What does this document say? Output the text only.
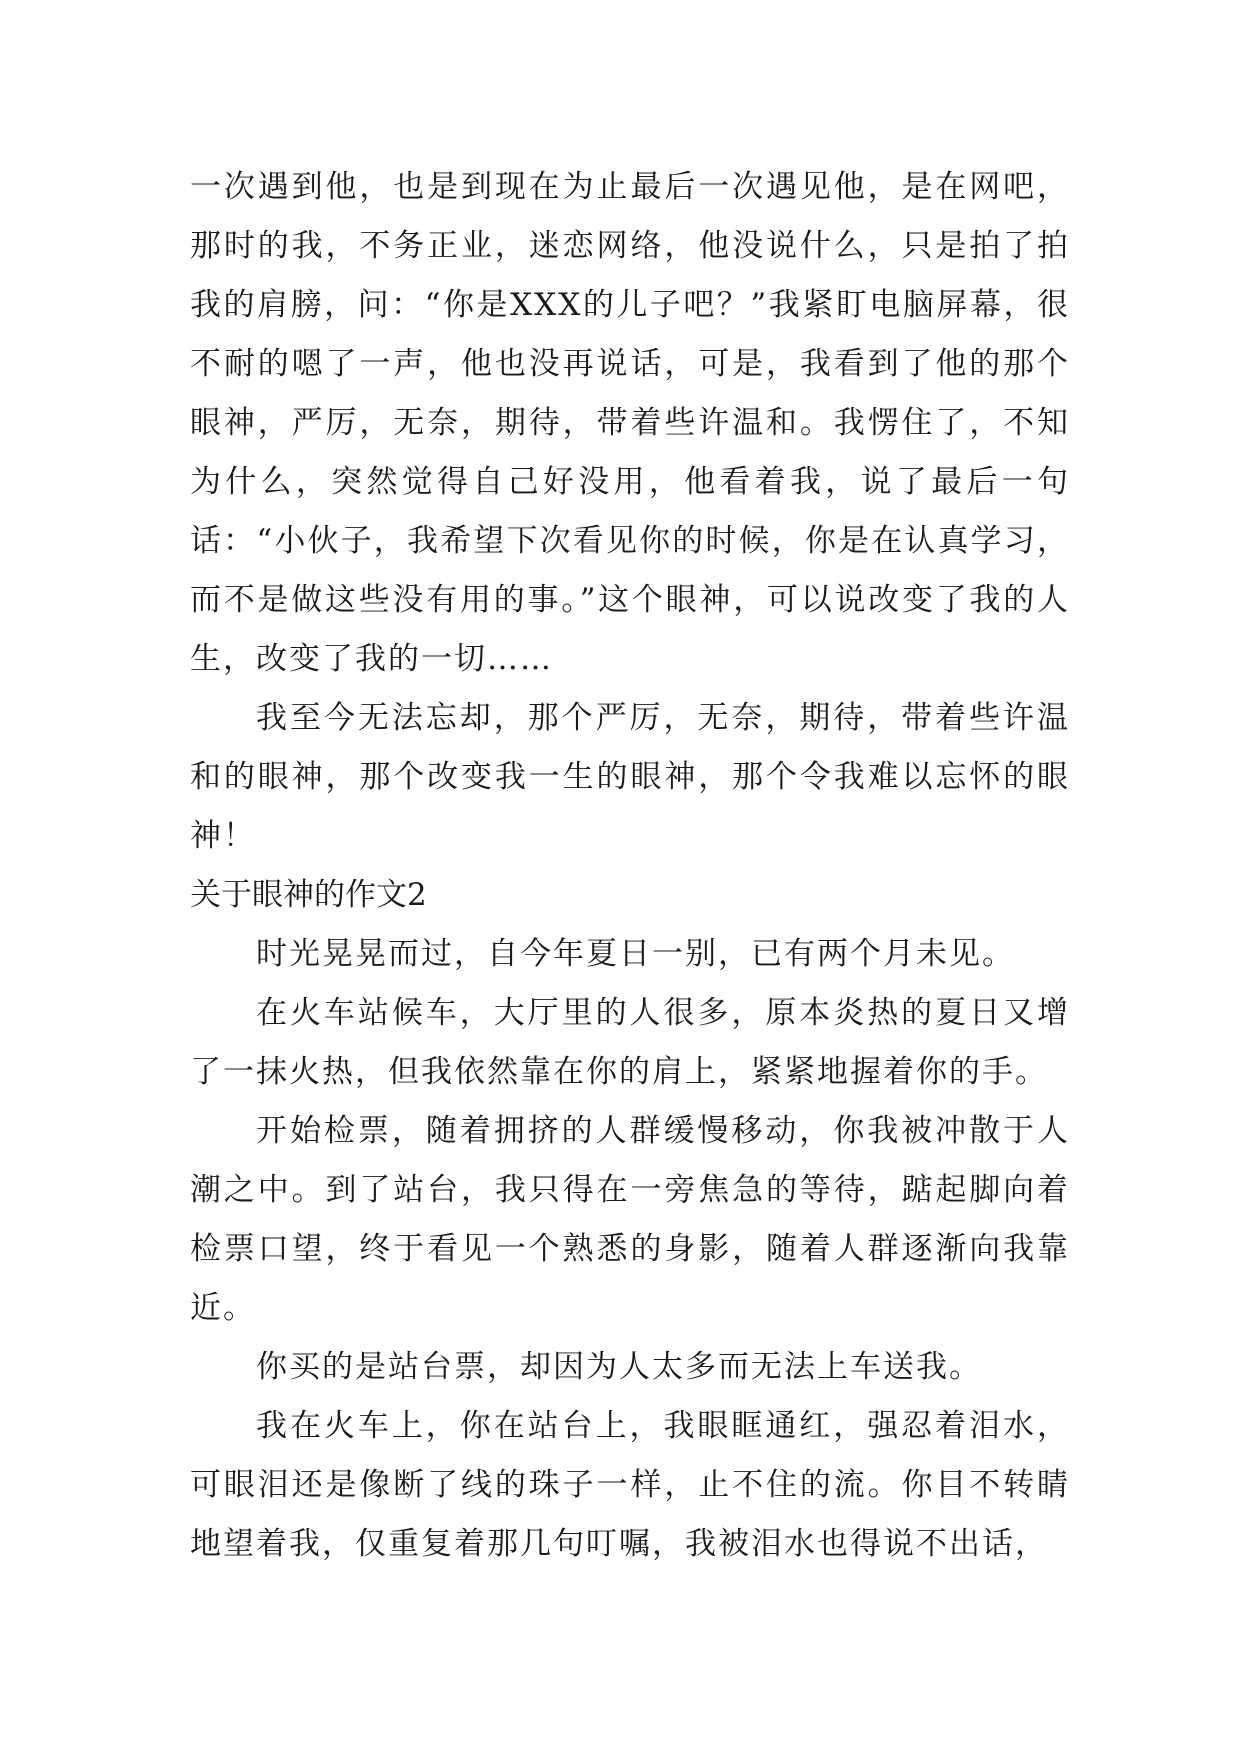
一次遇到他，也是到现在为止最后一次遇见他，是在网吧，那时的我，不务正业，迷恋网络，他没说什么，只是拍了拍我的肩膀，问：“你是XXX的儿子吧？”我紧盯电脑屏幕，很不耐的嗯了一声，他也没再说话，可是，我看到了他的那个眼神，严厉，无奈，期待，带着些许温和。我愣住了，不知为什么，突然觉得自己好没用，他看着我，说了最后一句话：“小伙子，我希望下次看见你的时候，你是在认真学习，而不是做这些没有用的事。”这个眼神，可以说改变了我的人生，改变了我的一切……

我至今无法忘却，那个严厉，无奈，期待，带着些许温和的眼神，那个改变我一生的眼神，那个令我难以忘怀的眼神！

关于眼神的作文2

时光晃晃而过，自今年夏日一别，已有两个月未见。

在火车站候车，大厅里的人很多，原本炎热的夏日又增了一抹火热，但我依然靠在你的肩上，紧紧地握着你的手。

开始检票，随着拥挤的人群缓慢移动，你我被冲散于人潮之中。到了站台，我只得在一旁焦急的等待，踮起脚向着检票口望，终于看见一个熟悉的身影，随着人群逐渐向我靠近。

你买的是站台票，却因为人太多而无法上车送我。

我在火车上，你在站台上，我眼眶通红，强忍着泪水，可眼泪还是像断了线的珠子一样，止不住的流。你目不转睛地望着我，仅重复着那几句叮嘱，我被泪水也得说不出话，
